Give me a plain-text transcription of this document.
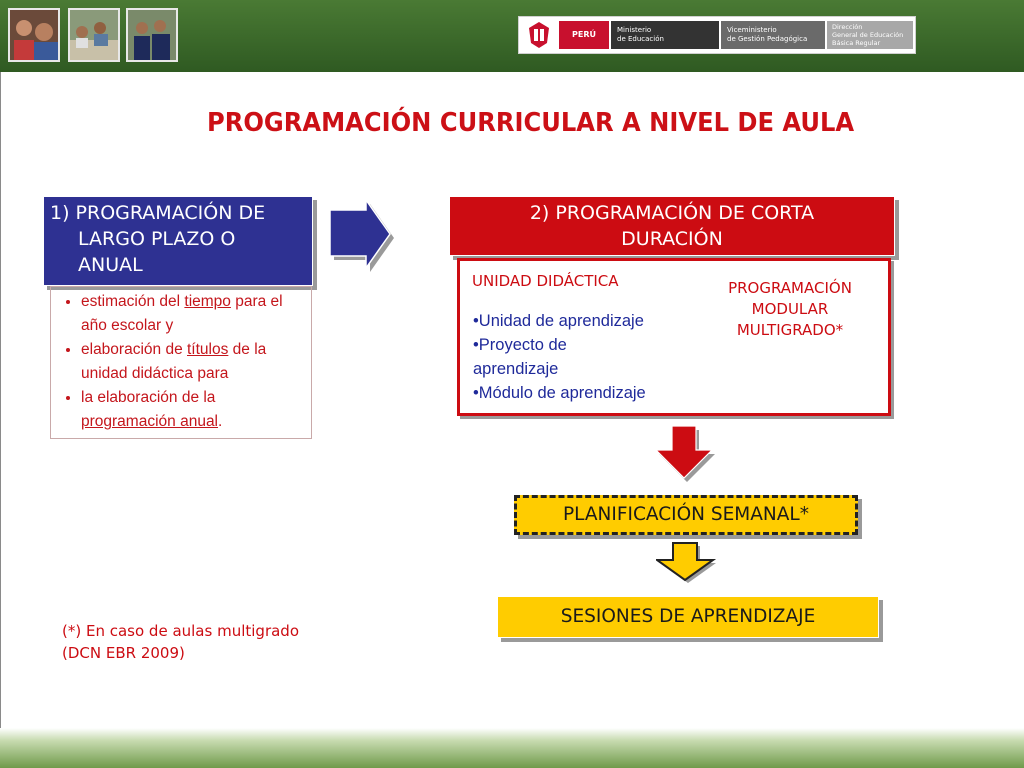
PERÚ	Ministerio
de Educación
Viceministerio
de Gestión Pedagógica
Dirección
General de Educación
Básica Regular
PROGRAMACIÓN CURRICULAR A NIVEL DE AULA
1) PROGRAMACIÓN DE
LARGO PLAZO O
ANUAL
• estimación del tiempo para el año escolar y
• elaboración de títulos de la unidad didáctica para
• la elaboración de la programación anual.
2) PROGRAMACIÓN DE CORTA
DURACIÓN
UNIDAD DIDÁCTICA
•Unidad de aprendizaje
•Proyecto de
aprendizaje
•Módulo de aprendizaje
PROGRAMACIÓN
MODULAR
MULTIGRADO*
PLANIFICACIÓN SEMANAL*
SESIONES DE APRENDIZAJE
(*) En caso de aulas multigrado
(DCN EBR 2009)
